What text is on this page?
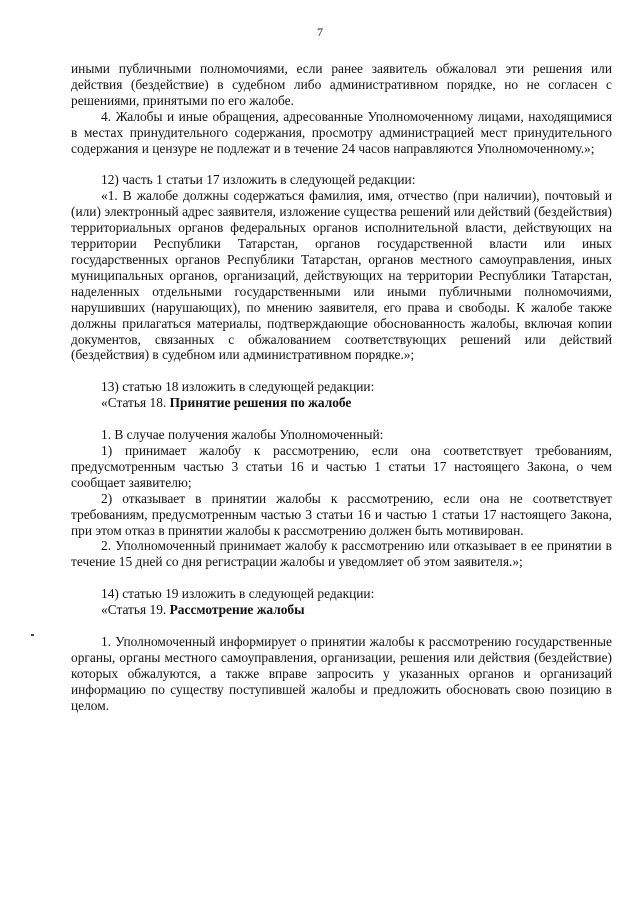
7

иными публичными полномочиями, если ранее заявитель обжаловал эти решения или действия (бездействие) в судебном либо административном порядке, но не согласен с решениями, принятыми по его жалобе.

4. Жалобы и иные обращения, адресованные Уполномоченному лицами, находящимися в местах принудительного содержания, просмотру администрацией мест принудительного содержания и цензуре не подлежат и в течение 24 часов направляются Уполномоченному.»;

12) часть 1 статьи 17 изложить в следующей редакции:

«1. В жалобе должны содержаться фамилия, имя, отчество (при наличии), почтовый и (или) электронный адрес заявителя, изложение существа решений или действий (бездействия) территориальных органов федеральных органов исполнительной власти, действующих на территории Республики Татарстан, органов государственной власти или иных государственных органов Республики Татарстан, органов местного самоуправления, иных муниципальных органов, организаций, действующих на территории Республики Татарстан, наделенных отдельными государственными или иными публичными полномочиями, нарушивших (нарушающих), по мнению заявителя, его права и свободы. К жалобе также должны прилагаться материалы, подтверждающие обоснованность жалобы, включая копии документов, связанных с обжалованием соответствующих решений или действий (бездействия) в судебном или административном порядке.»;

13) статью 18 изложить в следующей редакции:

«Статья 18. Принятие решения по жалобе

1. В случае получения жалобы Уполномоченный:

1) принимает жалобу к рассмотрению, если она соответствует требованиям, предусмотренным частью 3 статьи 16 и частью 1 статьи 17 настоящего Закона, о чем сообщает заявителю;

2) отказывает в принятии жалобы к рассмотрению, если она не соответствует требованиям, предусмотренным частью 3 статьи 16 и частью 1 статьи 17 настоящего Закона, при этом отказ в принятии жалобы к рассмотрению должен быть мотивирован.

2. Уполномоченный принимает жалобу к рассмотрению или отказывает в ее принятии в течение 15 дней со дня регистрации жалобы и уведомляет об этом заявителя.»;

14) статью 19 изложить в следующей редакции:

«Статья 19. Рассмотрение жалобы

1. Уполномоченный информирует о принятии жалобы к рассмотрению государственные органы, органы местного самоуправления, организации, решения или действия (бездействие) которых обжалуются, а также вправе запросить у указанных органов и организаций информацию по существу поступившей жалобы и предложить обосновать свою позицию в целом.
